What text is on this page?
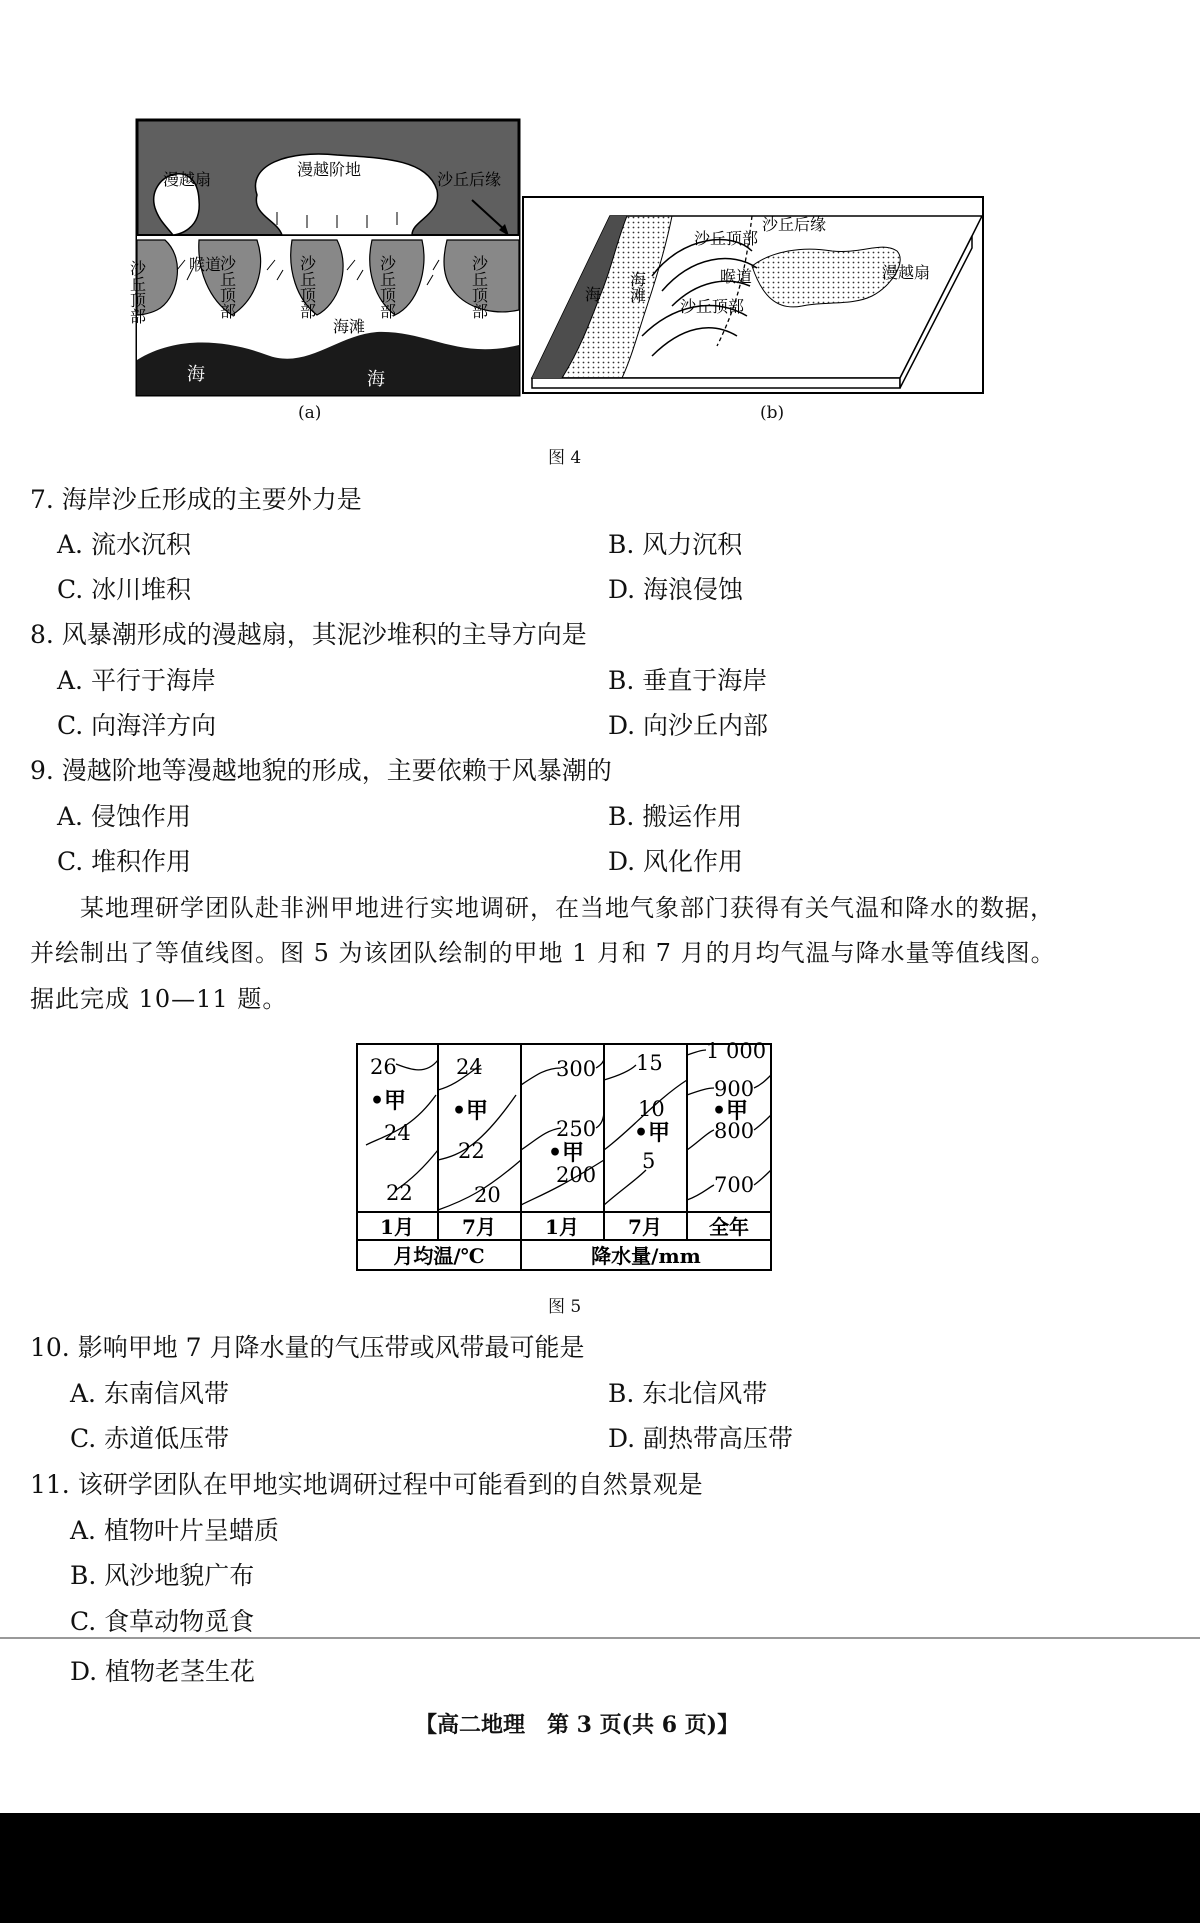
漫越扇
漫越阶地
沙丘后缘
喉道
沙丘顶部	沙丘顶部	沙丘顶部	沙丘顶部	沙丘顶部
海滩
海	海
(a)
海 海滩
沙丘顶部
沙丘后缘
喉道
沙丘顶部
漫越扇
(b)
图 4
7. 海岸沙丘形成的主要外力是
A. 流水沉积	B. 风力沉积
C. 冰川堆积	D. 海浪侵蚀
8. 风暴潮形成的漫越扇，其泥沙堆积的主导方向是
A. 平行于海岸	B. 垂直于海岸
C. 向海洋方向	D. 向沙丘内部
9. 漫越阶地等漫越地貌的形成，主要依赖于风暴潮的
A. 侵蚀作用	B. 搬运作用
C. 堆积作用	D. 风化作用
某地理研学团队赴非洲甲地进行实地调研，在当地气象部门获得有关气温和降水的数据，
并绘制出了等值线图。图 5 为该团队绘制的甲地 1 月和 7 月的月均气温与降水量等值线图。
据此完成 10—11 题。
26
24
22
24
22
20
300
250
200
15
10
5
1 000
900
800
700
•甲 •甲
•甲
•甲
•甲
1月 7月 1月 7月 全年
月均温/℃	降水量/mm
图 5
10. 影响甲地 7 月降水量的气压带或风带最可能是
A. 东南信风带	B. 东北信风带
C. 赤道低压带	D. 副热带高压带
11. 该研学团队在甲地实地调研过程中可能看到的自然景观是
A. 植物叶片呈蜡质
B. 风沙地貌广布
C. 食草动物觅食
D. 植物老茎生花
【高二地理　第 3 页(共 6 页)】
